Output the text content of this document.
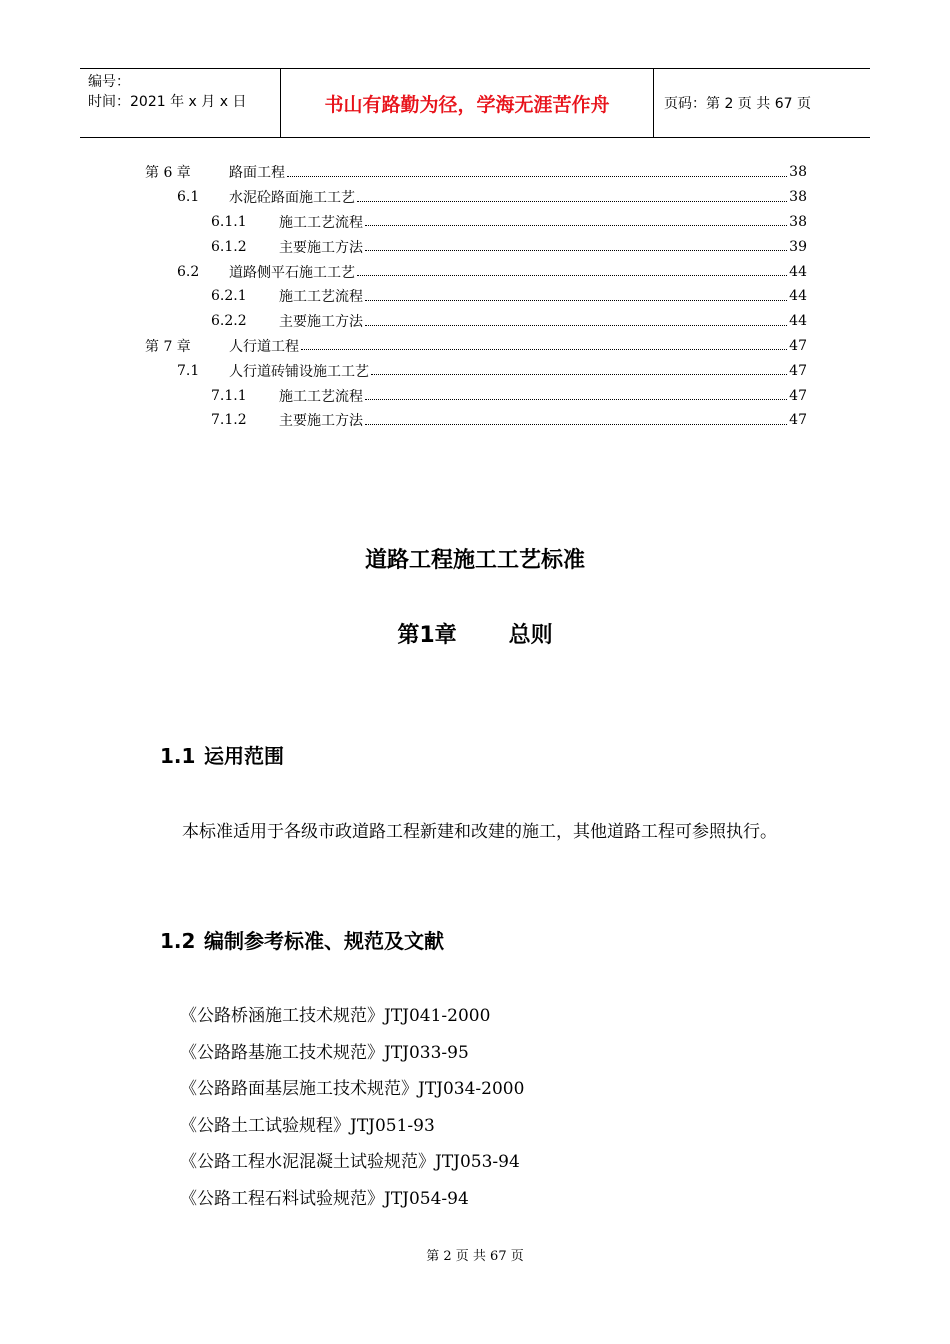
编号：
时间：2021 年 x 月 x 日	书山有路勤为径，学海无涯苦作舟	页码：第 2 页 共 67 页
第 6 章	路面工程	38
6.1 水泥砼路面施工工艺	38
6.1.1 施工工艺流程	38
6.1.2 主要施工方法	39
6.2 道路侧平石施工工艺	44
6.2.1 施工工艺流程	44
6.2.2 主要施工方法	44
第 7 章	人行道工程	47
7.1 人行道砖铺设施工工艺	47
7.1.1 施工工艺流程	47
7.1.2 主要施工方法	47
道路工程施工工艺标准
第1章 总则
1.1 运用范围
本标准适用于各级市政道路工程新建和改建的施工，其他道路工程可参照执行。
1.2 编制参考标准、规范及文献
《公路桥涵施工技术规范》JTJ041-2000
《公路路基施工技术规范》JTJ033-95
《公路路面基层施工技术规范》JTJ034-2000
《公路土工试验规程》JTJ051-93
《公路工程水泥混凝土试验规范》JTJ053-94
《公路工程石料试验规范》JTJ054-94
第 2 页 共 67 页
